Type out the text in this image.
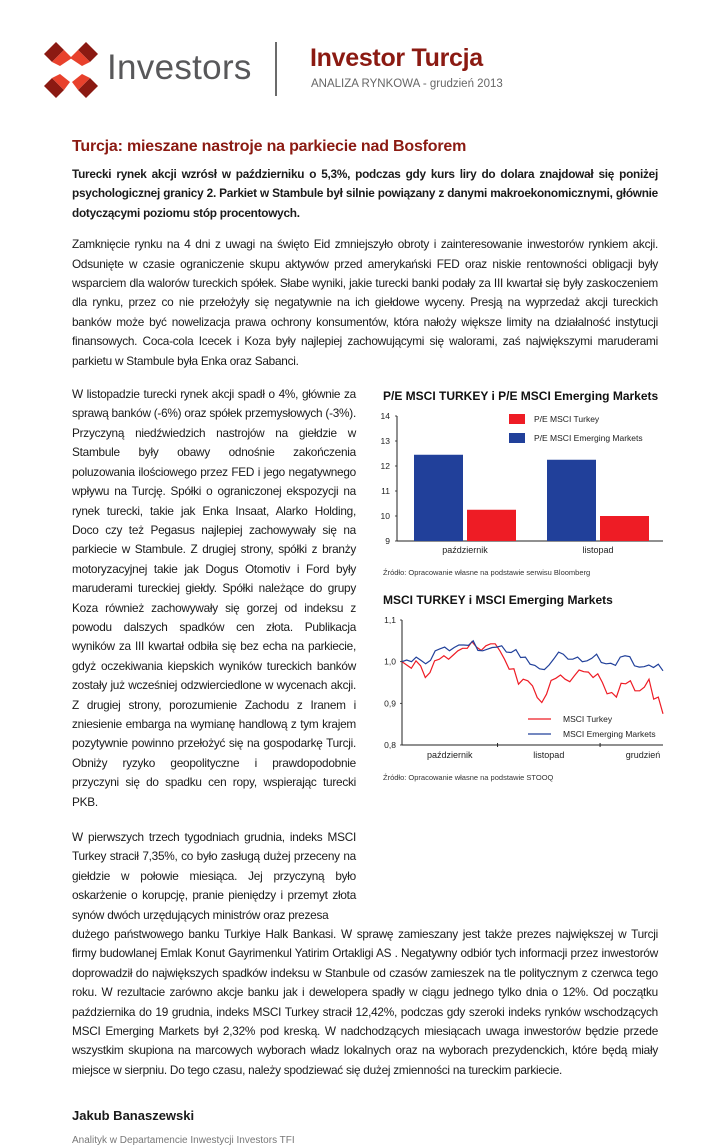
Investors Investor Turcja
ANALIZA RYNKOWA - grudzień 2013
Turcja: mieszane nastroje na parkiecie nad Bosforem

Turecki rynek akcji wzrósł w październiku o 5,3%, podczas gdy kurs liry do dolara znajdował się poniżej psychologicznej granicy 2. Parkiet w Stambule był silnie powiązany z danymi makroekonomicznymi, głównie dotyczącymi poziomu stóp procentowych.

Zamknięcie rynku na 4 dni z uwagi na święto Eid zmniejszyło obroty i zainteresowanie inwestorów rynkiem akcji. Odsunięte w czasie ograniczenie skupu aktywów przed amerykański FED oraz niskie rentowności obligacji były wsparciem dla walorów tureckich spółek. Słabe wyniki, jakie turecki banki podały za III kwartał się były zaskoczeniem dla rynku, przez co nie przełożyły się negatywnie na ich giełdowe wyceny. Presją na wyprzedaż akcji tureckich banków może być nowelizacja prawa ochrony konsumentów, która nałoży większe limity na działalność instytucji finansowych. Coca-cola Icecek i Koza były najlepiej zachowującymi się walorami, zaś największymi maruderami parkietu w Stambule była Enka oraz Sabanci.

W listopadzie turecki rynek akcji spadł o 4%, głównie za sprawą banków (-6%) oraz spółek przemysłowych (-3%). Przyczyną niedźwiedzich nastrojów na giełdzie w Stambule były obawy odnośnie zakończenia poluzowania ilościowego przez FED i jego negatywnego wpływu na Turcję. Spółki o ograniczonej ekspozycji na rynek turecki, takie jak Enka Insaat, Alarko Holding, Doco czy też Pegasus najlepiej zachowywały się na parkiecie w Stambule. Z drugiej strony, spółki z branży motoryzacyjnej takie jak Dogus Otomotiv i Ford były maruderami tureckiej giełdy. Spółki należące do grupy Koza również zachowywały się gorzej od indeksu z powodu dalszych spadków cen złota. Publikacja wyników za III kwartał odbiła się bez echa na parkiecie, gdyż oczekiwania kiepskich wyników tureckich banków zostały już wcześniej odzwierciedlone w wycenach akcji. Z drugiej strony, porozumienie Zachodu z Iranem i zniesienie embarga na wymianę handlową z tym krajem pozytywnie powinno przełożyć się na gospodarkę Turcji. Obniży ryzyko geopolityczne i prawdopodobnie przyczyni się do spadku cen ropy, wspierając turecki PKB.

W pierwszych trzech tygodniach grudnia, indeks MSCI Turkey stracił 7,35%, co było zasługą dużej przeceny na giełdzie w połowie miesiąca. Jej przyczyną było oskarżenie o korupcję, pranie pieniędzy i przemyt złota synów dwóch urzędujących ministrów oraz prezesa

P/E MSCI TURKEY i P/E MSCI Emerging Markets
9
10
11
12
13
14
październik	listopad
P/E MSCI Turkey
P/E MSCI Emerging Markets
Źródło: Opracowanie własne na podstawie serwisu Bloomberg
MSCI TURKEY i MSCI Emerging Markets
0,8
0,9
1,0
1,1
październik	listopad	grudzień
MSCI Turkey
MSCI Emerging Markets
Źródło: Opracowanie własne na podstawie STOOQ

dużego państwowego banku Turkiye Halk Bankasi. W sprawę zamieszany jest także prezes największej w Turcji firmy budowlanej Emlak Konut Gayrimenkul Yatirim Ortakligi AS . Negatywny odbiór tych informacji przez inwestorów doprowadził do największych spadków indeksu w Stanbule od czasów zamieszek na tle politycznym z czerwca tego roku. W rezultacie zarówno akcje banku jak i dewelopera spadły w ciągu jednego tylko dnia o 12%. Od początku października do 19 grudnia, indeks MSCI Turkey stracił 12,42%, podczas gdy szeroki indeks rynków wschodzących MSCI Emerging Markets był 2,32% pod kreską. W nadchodzących miesiącach uwaga inwestorów będzie przede wszystkim skupiona na marcowych wyborach władz lokalnych oraz na wyborach prezydenckich, które będą miały miejsce w sierpniu. Do tego czasu, należy spodziewać się dużej zmienności na tureckim parkiecie.

Jakub Banaszewski
Analityk w Departamencie Inwestycji Investors TFI
